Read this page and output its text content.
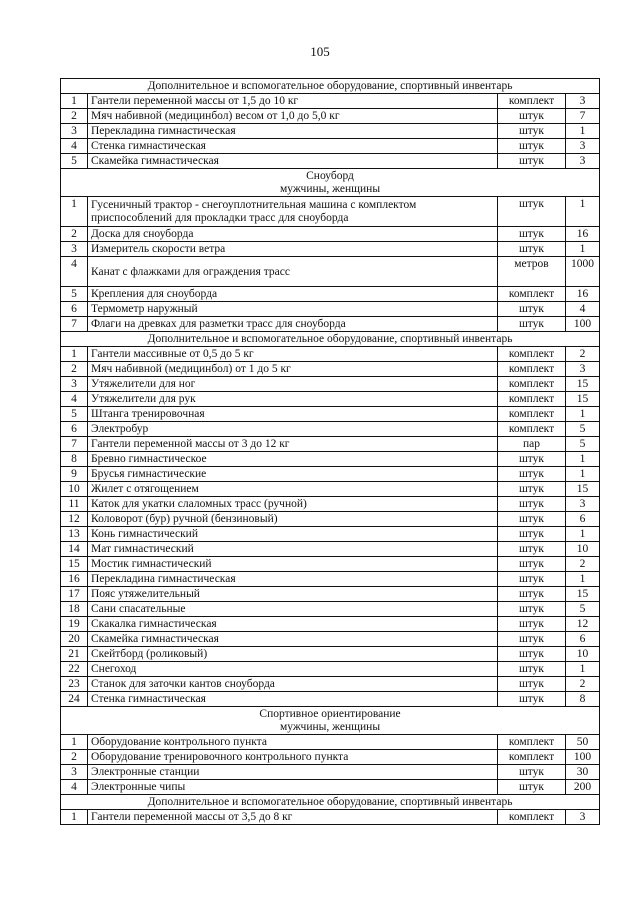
105
Дополнительное и вспомогательное оборудование, спортивный инвентарь			

1	Гантели переменной массы от 1,5 до 10 кг	комплект	3
2	Мяч набивной (медицинбол) весом от 1,0 до 5,0 кг	штук	7
3	Перекладина гимнастическая	штук	1
4	Стенка гимнастическая	штук	3
5	Скамейка гимнастическая	штук	3

Сноуборд
мужчины, женщины			

1	Гусеничный трактор - снегоуплотнительная машина с комплектом приспособлений для прокладки трасс для сноуборда	штук	1
2	Доска для сноуборда	штук	16
3	Измеритель скорости ветра	штук	1
4	Канат с флажками для ограждения трасс	метров	1000
5	Крепления для сноуборда	комплект	16
6	Термометр наружный	штук	4
7	Флаги на древках для разметки трасс для сноуборда	штук	100

Дополнительное и вспомогательное оборудование, спортивный инвентарь			

1	Гантели массивные от 0,5 до 5 кг	комплект	2
2	Мяч набивной (медицинбол) от 1 до 5 кг	комплект	3
3	Утяжелители для ног	комплект	15
4	Утяжелители для рук	комплект	15
5	Штанга тренировочная	комплект	1
6	Электробур	комплект	5
7	Гантели переменной массы от 3 до 12 кг	пар	5
8	Бревно гимнастическое	штук	1
9	Брусья гимнастические	штук	1
10	Жилет с отягощением	штук	15
11	Каток для укатки слаломных трасс (ручной)	штук	3
12	Коловорот (бур) ручной (бензиновый)	штук	6
13	Конь гимнастический	штук	1
14	Мат гимнастический	штук	10
15	Мостик гимнастический	штук	2
16	Перекладина гимнастическая	штук	1
17	Пояс утяжелительный	штук	15
18	Сани спасательные	штук	5
19	Скакалка гимнастическая	штук	12
20	Скамейка гимнастическая	штук	6
21	Скейтборд (роликовый)	штук	10
22	Снегоход	штук	1
23	Станок для заточки кантов сноуборда	штук	2
24	Стенка гимнастическая	штук	8

Спортивное ориентирование
мужчины, женщины			

1	Оборудование контрольного пункта	комплект	50
2	Оборудование тренировочного контрольного пункта	комплект	100
3	Электронные станции	штук	30
4	Электронные чипы	штук	200

Дополнительное и вспомогательное оборудование, спортивный инвентарь			

1	Гантели переменной массы от 3,5 до 8 кг	комплект	3
